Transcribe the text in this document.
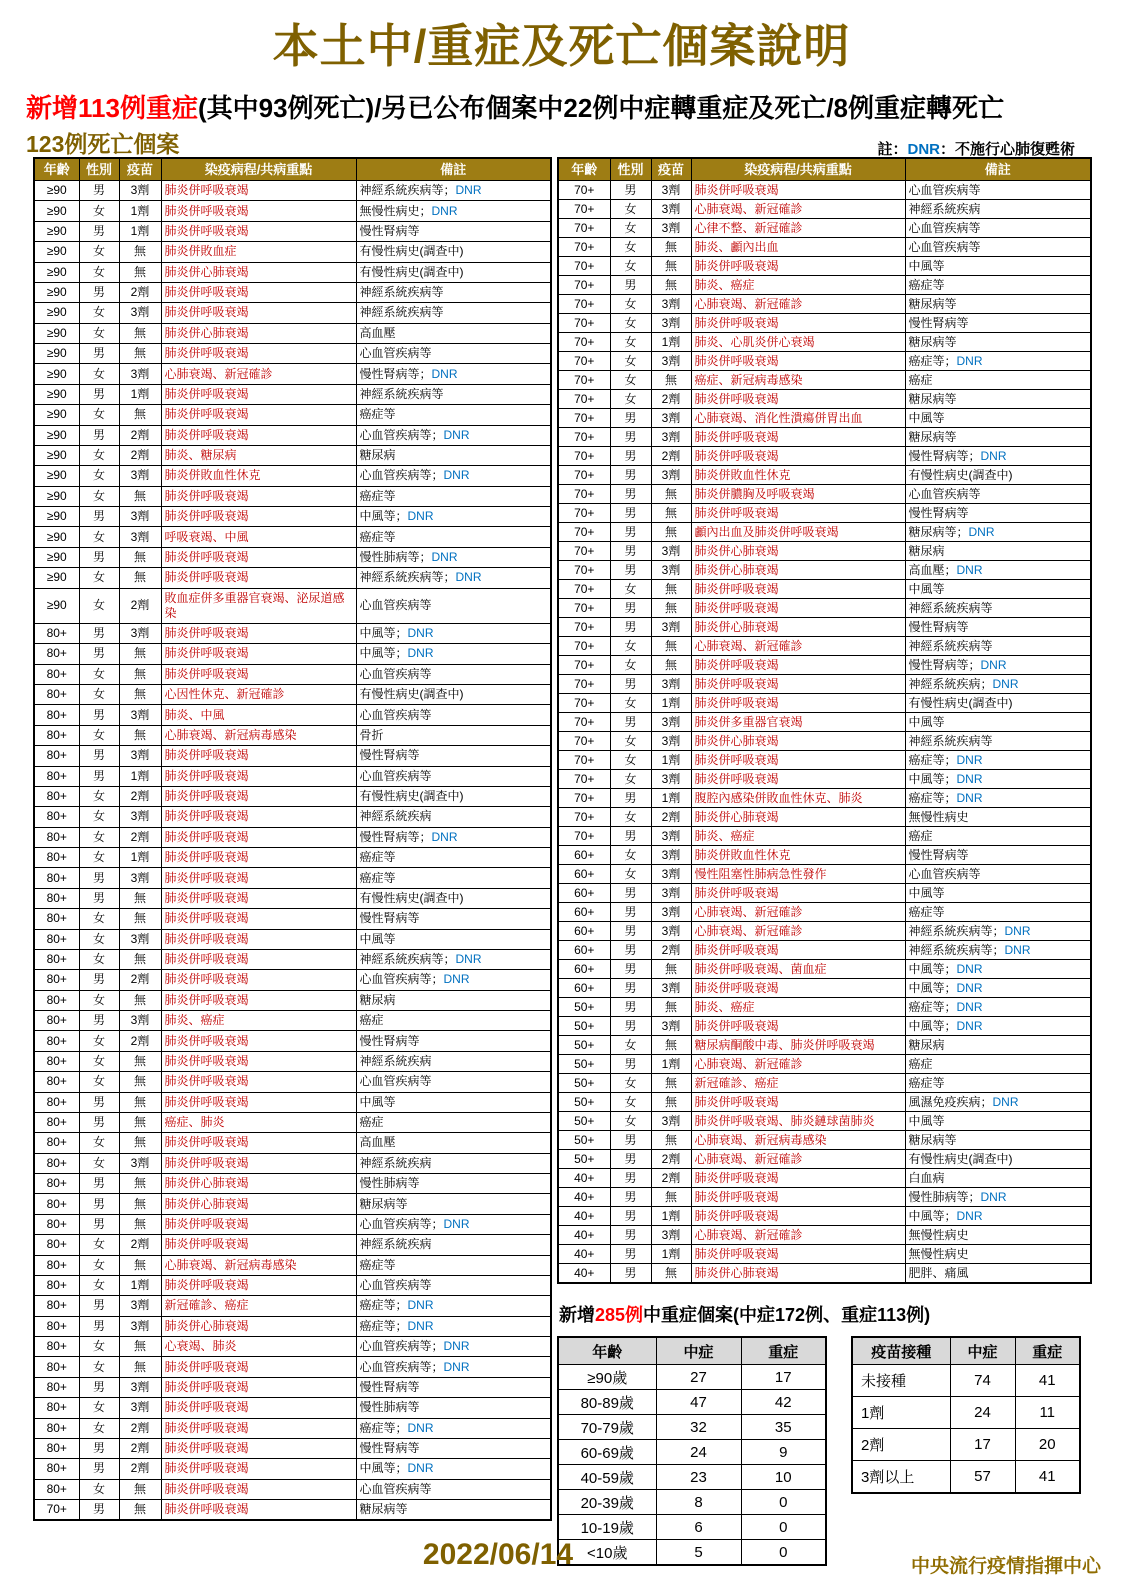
本土中/重症及死亡個案說明
新增113例重症(其中93例死亡)/另已公布個案中22例中症轉重症及死亡/8例重症轉死亡
123例死亡個案	註：DNR：不施行心肺復甦術
年齡	性別	疫苗	染疫病程/共病重點	備註
≥90	男	3劑	肺炎併呼吸衰竭	神經系統疾病等；DNR
≥90	女	1劑	肺炎併呼吸衰竭	無慢性病史；DNR
≥90	男	1劑	肺炎併呼吸衰竭	慢性腎病等
≥90	女	無	肺炎併敗血症	有慢性病史(調查中)
≥90	女	無	肺炎併心肺衰竭	有慢性病史(調查中)
≥90	男	2劑	肺炎併呼吸衰竭	神經系統疾病等
≥90	女	3劑	肺炎併呼吸衰竭	神經系統疾病等
≥90	女	無	肺炎併心肺衰竭	高血壓
≥90	男	無	肺炎併呼吸衰竭	心血管疾病等
≥90	女	3劑	心肺衰竭、新冠確診	慢性腎病等；DNR
≥90	男	1劑	肺炎併呼吸衰竭	神經系統疾病等
≥90	女	無	肺炎併呼吸衰竭	癌症等
≥90	男	2劑	肺炎併呼吸衰竭	心血管疾病等；DNR
≥90	女	2劑	肺炎、糖尿病	糖尿病
≥90	女	3劑	肺炎併敗血性休克	心血管疾病等；DNR
≥90	女	無	肺炎併呼吸衰竭	癌症等
≥90	男	3劑	肺炎併呼吸衰竭	中風等；DNR
≥90	女	3劑	呼吸衰竭、中風	癌症等
≥90	男	無	肺炎併呼吸衰竭	慢性肺病等；DNR
≥90	女	無	肺炎併呼吸衰竭	神經系統疾病等；DNR
≥90	女	2劑	敗血症併多重器官衰竭、泌尿道感染	心血管疾病等
80+	男	3劑	肺炎併呼吸衰竭	中風等；DNR
80+	男	無	肺炎併呼吸衰竭	中風等；DNR
80+	女	無	肺炎併呼吸衰竭	心血管疾病等
80+	女	無	心因性休克、新冠確診	有慢性病史(調查中)
80+	男	3劑	肺炎、中風	心血管疾病等
80+	女	無	心肺衰竭、新冠病毒感染	骨折
80+	男	3劑	肺炎併呼吸衰竭	慢性腎病等
80+	男	1劑	肺炎併呼吸衰竭	心血管疾病等
80+	女	2劑	肺炎併呼吸衰竭	有慢性病史(調查中)
80+	女	3劑	肺炎併呼吸衰竭	神經系統疾病
80+	女	2劑	肺炎併呼吸衰竭	慢性腎病等；DNR
80+	女	1劑	肺炎併呼吸衰竭	癌症等
80+	男	3劑	肺炎併呼吸衰竭	癌症等
80+	男	無	肺炎併呼吸衰竭	有慢性病史(調查中)
80+	女	無	肺炎併呼吸衰竭	慢性腎病等
80+	女	3劑	肺炎併呼吸衰竭	中風等
80+	女	無	肺炎併呼吸衰竭	神經系統疾病等；DNR
80+	男	2劑	肺炎併呼吸衰竭	心血管疾病等；DNR
80+	女	無	肺炎併呼吸衰竭	糖尿病
80+	男	3劑	肺炎、癌症	癌症
80+	女	2劑	肺炎併呼吸衰竭	慢性腎病等
80+	女	無	肺炎併呼吸衰竭	神經系統疾病
80+	女	無	肺炎併呼吸衰竭	心血管疾病等
80+	男	無	肺炎併呼吸衰竭	中風等
80+	男	無	癌症、肺炎	癌症
80+	女	無	肺炎併呼吸衰竭	高血壓
80+	女	3劑	肺炎併呼吸衰竭	神經系統疾病
80+	男	無	肺炎併心肺衰竭	慢性肺病等
80+	男	無	肺炎併心肺衰竭	糖尿病等
80+	男	無	肺炎併呼吸衰竭	心血管疾病等；DNR
80+	女	2劑	肺炎併呼吸衰竭	神經系統疾病
80+	女	無	心肺衰竭、新冠病毒感染	癌症等
80+	女	1劑	肺炎併呼吸衰竭	心血管疾病等
80+	男	3劑	新冠確診、癌症	癌症等；DNR
80+	男	3劑	肺炎併心肺衰竭	癌症等；DNR
80+	女	無	心衰竭、肺炎	心血管疾病等；DNR
80+	女	無	肺炎併呼吸衰竭	心血管疾病等；DNR
80+	男	3劑	肺炎併呼吸衰竭	慢性腎病等
80+	女	3劑	肺炎併呼吸衰竭	慢性肺病等
80+	女	2劑	肺炎併呼吸衰竭	癌症等；DNR
80+	男	2劑	肺炎併呼吸衰竭	慢性腎病等
80+	男	2劑	肺炎併呼吸衰竭	中風等；DNR
80+	女	無	肺炎併呼吸衰竭	心血管疾病等
70+	男	無	肺炎併呼吸衰竭	糖尿病等
年齡	性別	疫苗	染疫病程/共病重點	備註
70+	男	3劑	肺炎併呼吸衰竭	心血管疾病等
70+	女	3劑	心肺衰竭、新冠確診	神經系統疾病
70+	女	3劑	心律不整、新冠確診	心血管疾病等
70+	女	無	肺炎、顱內出血	心血管疾病等
70+	女	無	肺炎併呼吸衰竭	中風等
70+	男	無	肺炎、癌症	癌症等
70+	女	3劑	心肺衰竭、新冠確診	糖尿病等
70+	女	3劑	肺炎併呼吸衰竭	慢性腎病等
70+	女	1劑	肺炎、心肌炎併心衰竭	糖尿病等
70+	女	3劑	肺炎併呼吸衰竭	癌症等；DNR
70+	女	無	癌症、新冠病毒感染	癌症
70+	女	2劑	肺炎併呼吸衰竭	糖尿病等
70+	男	3劑	心肺衰竭、消化性潰瘍併胃出血	中風等
70+	男	3劑	肺炎併呼吸衰竭	糖尿病等
70+	男	2劑	肺炎併呼吸衰竭	慢性腎病等；DNR
70+	男	3劑	肺炎併敗血性休克	有慢性病史(調查中)
70+	男	無	肺炎併膿胸及呼吸衰竭	心血管疾病等
70+	男	無	肺炎併呼吸衰竭	慢性腎病等
70+	男	無	顱內出血及肺炎併呼吸衰竭	糖尿病等；DNR
70+	男	3劑	肺炎併心肺衰竭	糖尿病
70+	男	3劑	肺炎併心肺衰竭	高血壓；DNR
70+	女	無	肺炎併呼吸衰竭	中風等
70+	男	無	肺炎併呼吸衰竭	神經系統疾病等
70+	男	3劑	肺炎併心肺衰竭	慢性腎病等
70+	女	無	心肺衰竭、新冠確診	神經系統疾病等
70+	女	無	肺炎併呼吸衰竭	慢性腎病等；DNR
70+	男	3劑	肺炎併呼吸衰竭	神經系統疾病；DNR
70+	女	1劑	肺炎併呼吸衰竭	有慢性病史(調查中)
70+	男	3劑	肺炎併多重器官衰竭	中風等
70+	女	3劑	肺炎併心肺衰竭	神經系統疾病等
70+	女	1劑	肺炎併呼吸衰竭	癌症等；DNR
70+	女	3劑	肺炎併呼吸衰竭	中風等；DNR
70+	男	1劑	腹腔內感染併敗血性休克、肺炎	癌症等；DNR
70+	女	2劑	肺炎併心肺衰竭	無慢性病史
70+	男	3劑	肺炎、癌症	癌症
60+	女	3劑	肺炎併敗血性休克	慢性腎病等
60+	女	3劑	慢性阻塞性肺病急性發作	心血管疾病等
60+	男	3劑	肺炎併呼吸衰竭	中風等
60+	男	3劑	心肺衰竭、新冠確診	癌症等
60+	男	3劑	心肺衰竭、新冠確診	神經系統疾病等；DNR
60+	男	2劑	肺炎併呼吸衰竭	神經系統疾病等；DNR
60+	男	無	肺炎併呼吸衰竭、菌血症	中風等；DNR
60+	男	3劑	肺炎併呼吸衰竭	中風等；DNR
50+	男	無	肺炎、癌症	癌症等；DNR
50+	男	3劑	肺炎併呼吸衰竭	中風等；DNR
50+	女	無	糖尿病酮酸中毒、肺炎併呼吸衰竭	糖尿病
50+	男	1劑	心肺衰竭、新冠確診	癌症
50+	女	無	新冠確診、癌症	癌症等
50+	女	無	肺炎併呼吸衰竭	風濕免疫疾病；DNR
50+	女	3劑	肺炎併呼吸衰竭、肺炎鏈球菌肺炎	中風等
50+	男	無	心肺衰竭、新冠病毒感染	糖尿病等
50+	男	2劑	心肺衰竭、新冠確診	有慢性病史(調查中)
40+	男	2劑	肺炎併呼吸衰竭	白血病
40+	男	無	肺炎併呼吸衰竭	慢性肺病等；DNR
40+	男	1劑	肺炎併呼吸衰竭	中風等；DNR
40+	男	3劑	心肺衰竭、新冠確診	無慢性病史
40+	男	1劑	肺炎併呼吸衰竭	無慢性病史
40+	男	無	肺炎併心肺衰竭	肥胖、痛風
新增285例中重症個案(中症172例、重症113例)
年齡	中症	重症
≥90歲	27	17
80-89歲	47	42
70-79歲	32	35
60-69歲	24	9
40-59歲	23	10
20-39歲	8	0
10-19歲	6	0
<10歲	5	0
疫苗接種	中症	重症
未接種	74	41
1劑	24	11
2劑	17	20
3劑以上	57	41
2022/06/14	中央流行疫情指揮中心
